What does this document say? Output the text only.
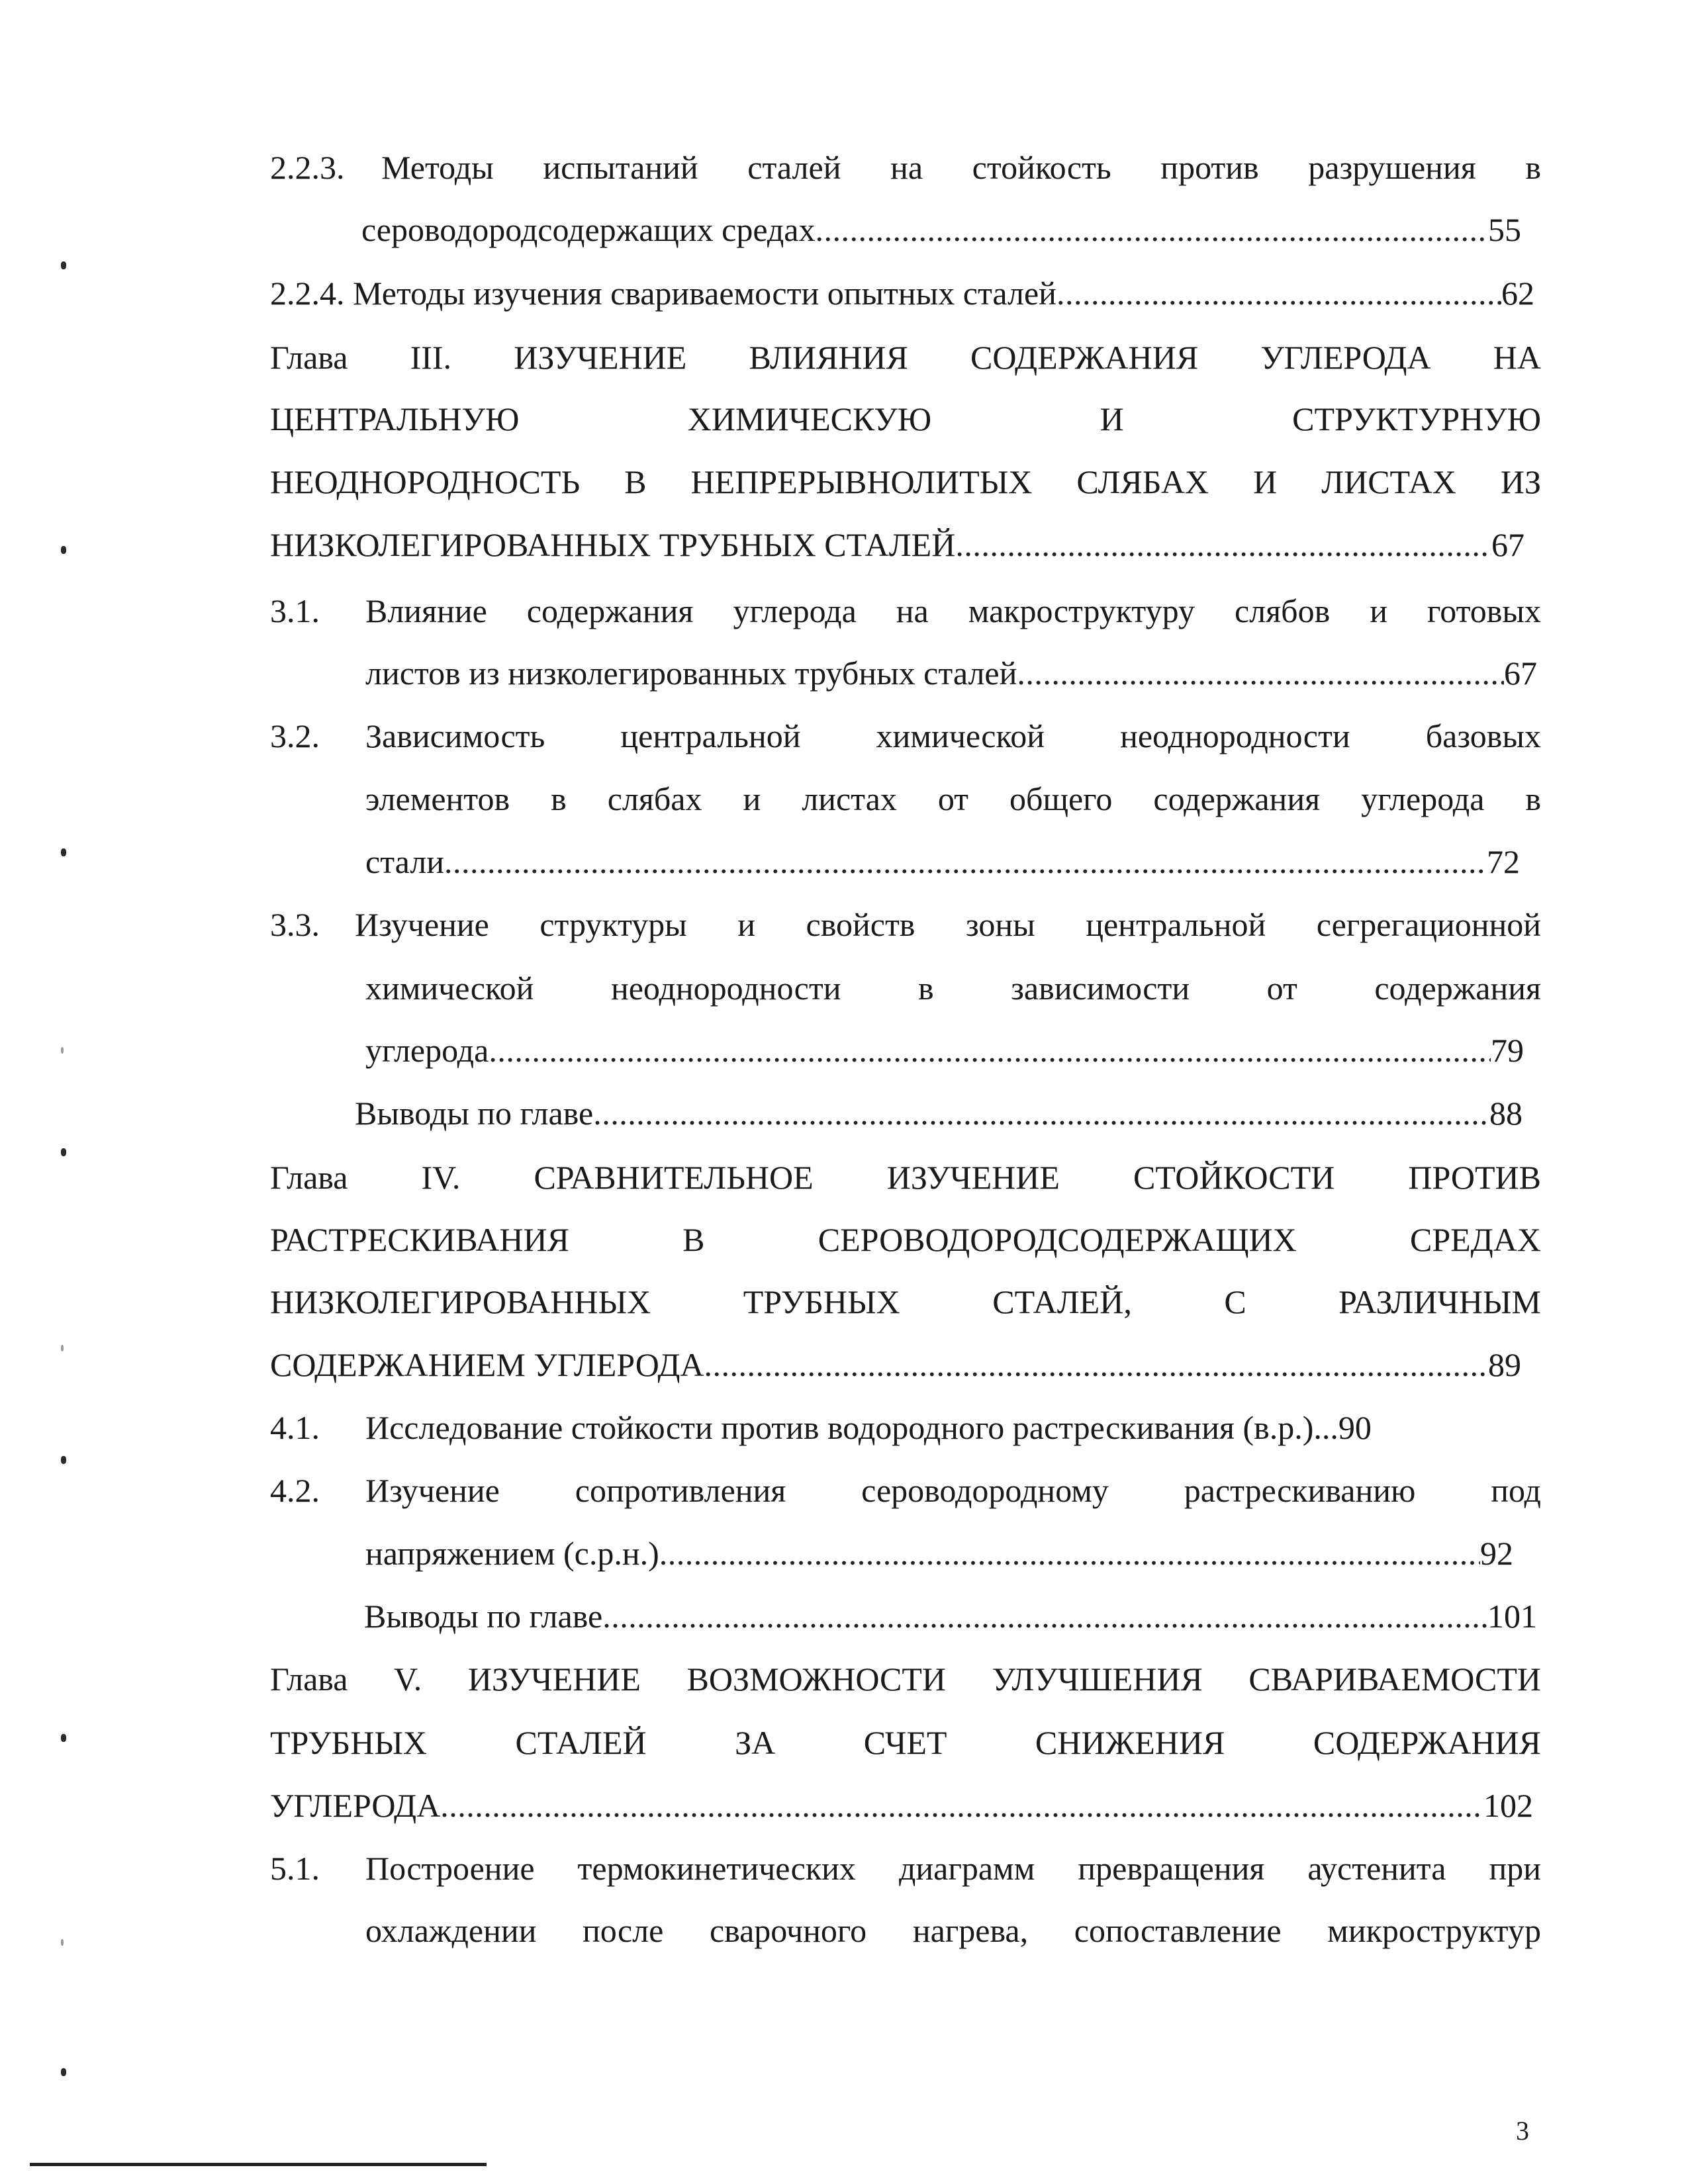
2.2.3. Методы испытаний сталей на стойкость против разрушения в
сероводородсодержащих средах . . .	55
2.2.4. Методы изучения свариваемости опытных сталей . . .	62
Глава III. ИЗУЧЕНИЕ ВЛИЯНИЯ СОДЕРЖАНИЯ УГЛЕРОДА НА
ЦЕНТРАЛЬНУЮ ХИМИЧЕСКУЮ И СТРУКТУРНУЮ
НЕОДНОРОДНОСТЬ В НЕПРЕРЫВНОЛИТЫХ СЛЯБАХ И ЛИСТАХ ИЗ
НИЗКОЛЕГИРОВАННЫХ ТРУБНЫХ СТАЛЕЙ . . .	67
3.1. Влияние содержания углерода на макроструктуру слябов и готовых
листов из низколегированных трубных сталей . . .	67
3.2. Зависимость центральной химической неоднородности базовых
элементов в слябах и листах от общего содержания углерода в
стали . . .	72
3.3. Изучение структуры и свойств зоны центральной сегрегационной
химической неоднородности в зависимости от содержания
углерода . . .	79
Выводы по главе . . .	88
Глава IV. СРАВНИТЕЛЬНОЕ ИЗУЧЕНИЕ СТОЙКОСТИ ПРОТИВ
РАСТРЕСКИВАНИЯ В СЕРОВОДОРОДСОДЕРЖАЩИХ СРЕДАХ
НИЗКОЛЕГИРОВАННЫХ ТРУБНЫХ СТАЛЕЙ, С РАЗЛИЧНЫМ
СОДЕРЖАНИЕМ УГЛЕРОДА . . .	89
4.1. Исследование стойкости против водородного растрескивания (в.р.)...90
4.2. Изучение сопротивления сероводородному растрескиванию под
напряжением (с.р.н.) . . .	92
Выводы по главе . . .	101
Глава V. ИЗУЧЕНИЕ ВОЗМОЖНОСТИ УЛУЧШЕНИЯ СВАРИВАЕМОСТИ
ТРУБНЫХ СТАЛЕЙ ЗА СЧЕТ СНИЖЕНИЯ СОДЕРЖАНИЯ
УГЛЕРОДА . . .	102
5.1. Построение термокинетических диаграмм превращения аустенита при
охлаждении после сварочного нагрева, сопоставление микроструктур
3
